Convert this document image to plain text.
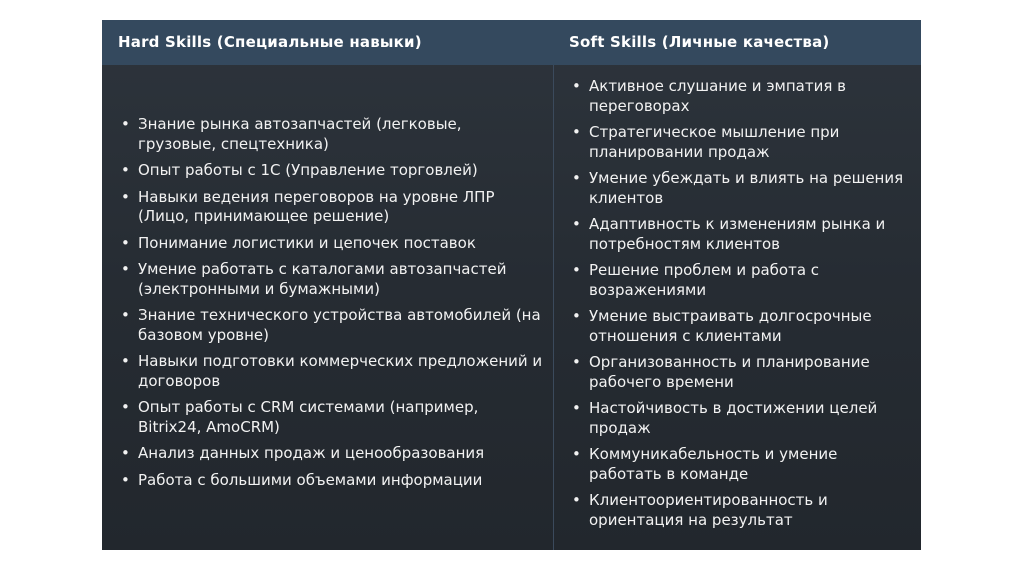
Hard Skills (Специальные навыки)	Soft Skills (Личные качества)
• Знание рынка автозапчастей (легковые, грузовые, спецтехника)
• Опыт работы с 1С (Управление торговлей)
• Навыки ведения переговоров на уровне ЛПР (Лицо, принимающее решение)
• Понимание логистики и цепочек поставок
• Умение работать с каталогами автозапчастей (электронными и бумажными)
• Знание технического устройства автомобилей (на базовом уровне)
• Навыки подготовки коммерческих предложений и договоров
• Опыт работы с CRM системами (например, Bitrix24, AmoCRM)
• Анализ данных продаж и ценообразования
• Работа с большими объемами информации
• Активное слушание и эмпатия в переговорах
• Стратегическое мышление при планировании продаж
• Умение убеждать и влиять на решения клиентов
• Адаптивность к изменениям рынка и потребностям клиентов
• Решение проблем и работа с возражениями
• Умение выстраивать долгосрочные отношения с клиентами
• Организованность и планирование рабочего времени
• Настойчивость в достижении целей продаж
• Коммуникабельность и умение работать в команде
• Клиентоориентированность и ориентация на результат
